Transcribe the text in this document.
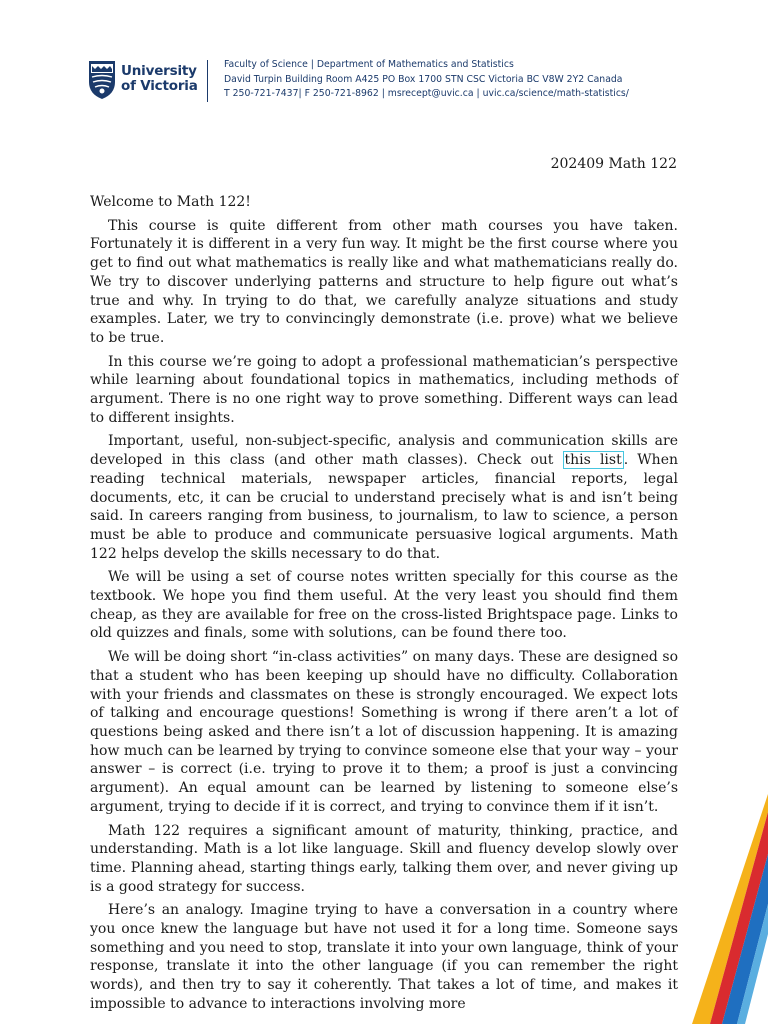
University
of Victoria
Faculty of Science | Department of Mathematics and Statistics
David Turpin Building Room A425 PO Box 1700 STN CSC Victoria BC V8W 2Y2 Canada
T 250-721-7437| F 250-721-8962 | msrecept@uvic.ca | uvic.ca/science/math-statistics/
202409 Math 122

Welcome to Math 122!

This course is quite different from other math courses you have taken. Fortunately it is different in a very fun way. It might be the first course where you get to find out what mathematics is really like and what mathematicians really do. We try to discover underlying patterns and structure to help figure out what’s true and why. In trying to do that, we carefully analyze situations and study examples. Later, we try to convincingly demonstrate (i.e. prove) what we believe to be true.

In this course we’re going to adopt a professional mathematician’s perspective while learning about foundational topics in mathematics, including methods of argument. There is no one right way to prove something. Different ways can lead to different insights.

Important, useful, non-subject-specific, analysis and communication skills are developed in this class (and other math classes). Check out this list . When reading technical materials, newspaper articles, financial reports, legal documents, etc, it can be crucial to understand precisely what is and isn’t being said. In careers ranging from business, to journalism, to law to science, a person must be able to produce and communicate persuasive logical arguments. Math 122 helps develop the skills necessary to do that.

We will be using a set of course notes written specially for this course as the textbook. We hope you find them useful. At the very least you should find them cheap, as they are available for free on the cross-listed Brightspace page. Links to old quizzes and finals, some with solutions, can be found there too.

We will be doing short “in-class activities” on many days. These are designed so that a student who has been keeping up should have no difficulty. Collaboration with your friends and classmates on these is strongly encouraged. We expect lots of talking and encourage questions! Something is wrong if there aren’t a lot of questions being asked and there isn’t a lot of discussion happening. It is amazing how much can be learned by trying to convince someone else that your way – your answer – is correct (i.e. trying to prove it to them; a proof is just a convincing argument). An equal amount can be learned by listening to someone else’s argument, trying to decide if it is correct, and trying to convince them if it isn’t.

Math 122 requires a significant amount of maturity, thinking, practice, and understanding. Math is a lot like language. Skill and fluency develop slowly over time. Planning ahead, starting things early, talking them over, and never giving up is a good strategy for success.

Here’s an analogy. Imagine trying to have a conversation in a country where you once knew the language but have not used it for a long time. Someone says something and you need to stop, translate it into your own language, think of your response, translate it into the other language (if you can remember the right words), and then try to say it coherently. That takes a lot of time, and makes it impossible to advance to interactions involving more
